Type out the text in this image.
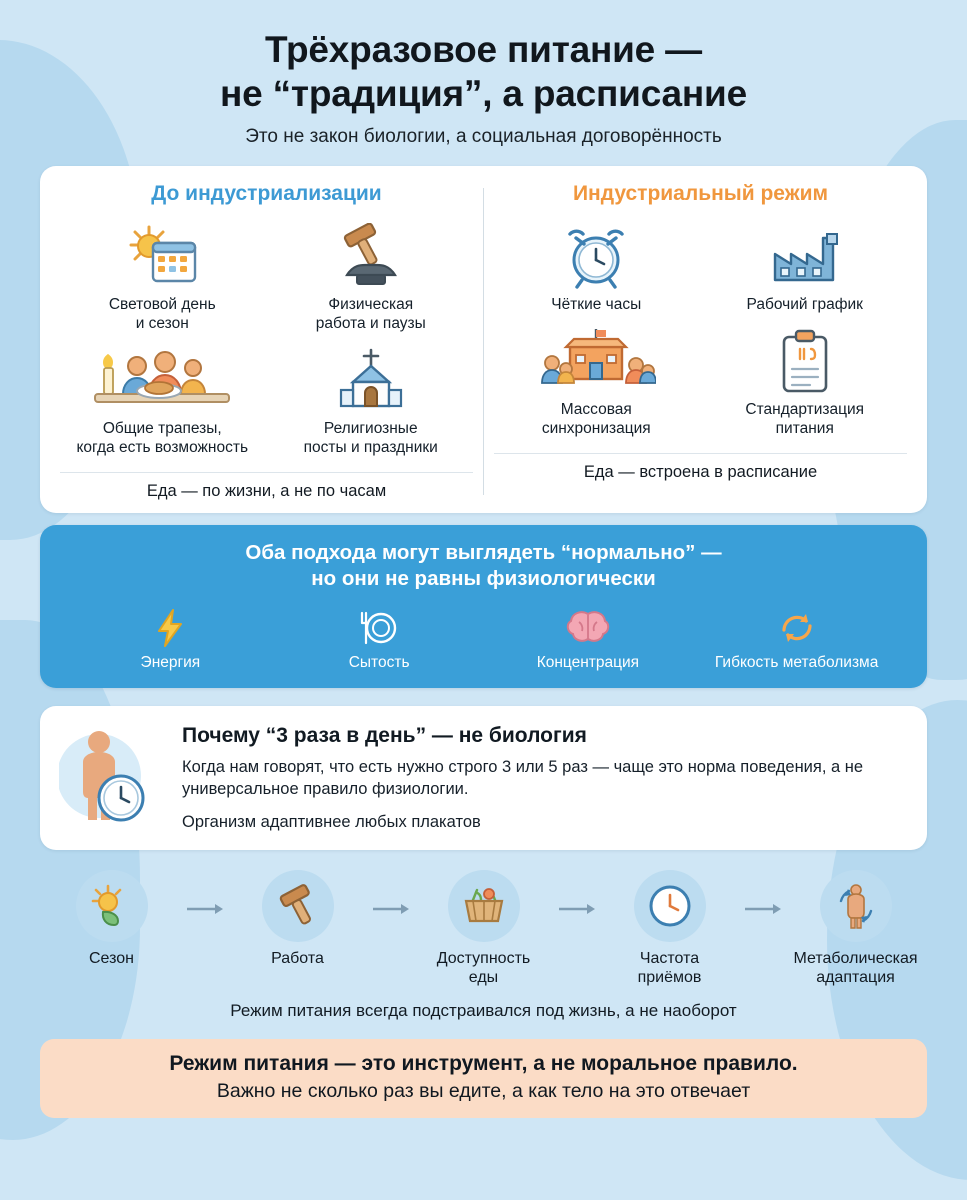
Трёхразовое питание —
не “традиция”, а расписание
Это не закон биологии, а социальная договорённость
До индустриализации
Световой день
и сезон
Физическая
работа и паузы
Общие трапезы,
когда есть возможность
Религиозные
посты и праздники
Еда — по жизни, а не по часам
Индустриальный режим
Чёткие часы	Рабочий график
Массовая
синхронизация
Стандартизация
питания
Еда — встроена в расписание
Оба подхода могут выглядеть “нормально” —
но они не равны физиологически
Энергия	Сытость	Концентрация	Гибкость метаболизма
Почему “3 раза в день” — не биология

Когда нам говорят, что есть нужно строго 3 или 5 раз — чаще это норма поведения, а не универсальное правило физиологии.

Организм адаптивнее любых плакатов

Сезон	Работа	Доступность
еды
Частота
приёмов
Метаболическая
адаптация
Режим питания всегда подстраивался под жизнь, а не наоборот
Режим питания — это инструмент, а не моральное правило.
Важно не сколько раз вы едите, а как тело на это отвечает
